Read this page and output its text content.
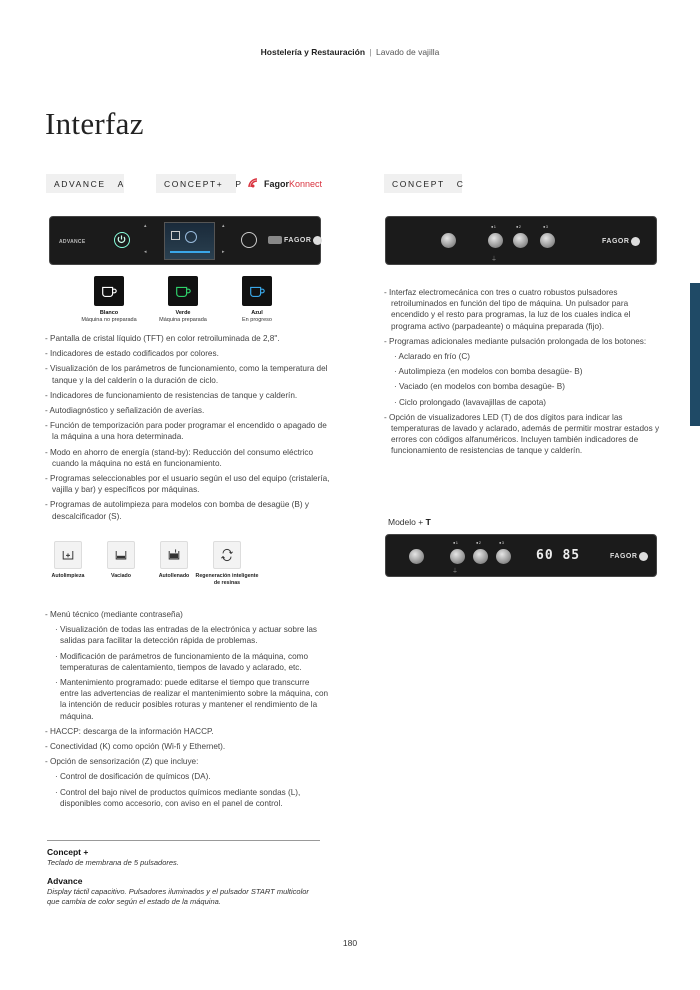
Hostelería y Restauración | Lavado de vajilla
Interfaz
ADVANCE A	CONCEPT+ P Fagor Konnect	CONCEPT C
ADVANCE
▴
◂
▴
▸
FAGOR
Blanco
Máquina no preparada
Verde
Máquina preparada
Azul
En progreso
- Pantalla de cristal líquido (TFT) en color retroiluminada de 2,8".
- Indicadores de estado codificados por colores.
- Visualización de los parámetros de funcionamiento, como la temperatura del tanque y la del calderín o la duración de ciclo.
- Indicadores de funcionamiento de resistencias de tanque y calderín.
- Autodiagnóstico y señalización de averías.
- Función de temporización para poder programar el encendido o apagado de la máquina a una hora determinada.
- Modo en ahorro de energía (stand-by): Reducción del consumo eléctrico cuando la máquina no está en funcionamiento.
- Programas seleccionables por el usuario según el uso del equipo (cristalería, vajilla y bar) y específicos por máquinas.
- Programas de autolimpieza para modelos con bomba de desagüe (B) y descalcificador (S).
Autolimpieza	Vaciado	Autollenado	Regeneración inteligente de resinas
- Menú técnico (mediante contraseña)
· Visualización de todas las entradas de la electrónica y actuar sobre las salidas para facilitar la detección rápida de problemas.
· Modificación de parámetros de funcionamiento de la máquina, como temperaturas de calentamiento, tiempos de lavado y aclarado, etc.
· Mantenimiento programado: puede editarse el tiempo que transcurre entre las advertencias de realizar el mantenimiento sobre la máquina, con la intención de reducir posibles roturas y mantener el rendimiento de la máquina.
- HACCP: descarga de la información HACCP.
- Conectividad (K) como opción (Wi-fi y Ethernet).
- Opción de sensorización (Z) que incluye:
· Control de dosificación de químicos (DA).
· Control del bajo nivel de productos químicos mediante sondas (L), disponibles como accesorio, con aviso en el panel de control.
Concept +
Teclado de membrana de 5 pulsadores.
Advance
Display táctil capacitivo. Pulsadores iluminados y el pulsador START multicolor que cambia de color según el estado de la máquina.
●1	●2	●3
⏚
FAGOR
- Interfaz electromecánica con tres o cuatro robustos pulsadores retroiluminados en función del tipo de máquina. Un pulsador para encendido y el resto para programas, la luz de los cuales indica el programa activo (parpadeante) o máquina preparada (fijo).
- Programas adicionales mediante pulsación prolongada de los botones:
· Aclarado en frío (C)
· Autolimpieza (en modelos con bomba desagüe- B)
· Vaciado (en modelos con bomba desagüe- B)
· Ciclo prolongado (lavavajillas de capota)
- Opción de visualizadores LED (T) de dos dígitos para indicar las temperaturas de lavado y aclarado, además de permitir mostrar estados y errores con códigos alfanuméricos. Incluyen también indicadores de funcionamiento de resistencias de tanque y calderín.
Modelo + T
●1	●2	●3
⏚
60 85	FAGOR
180
